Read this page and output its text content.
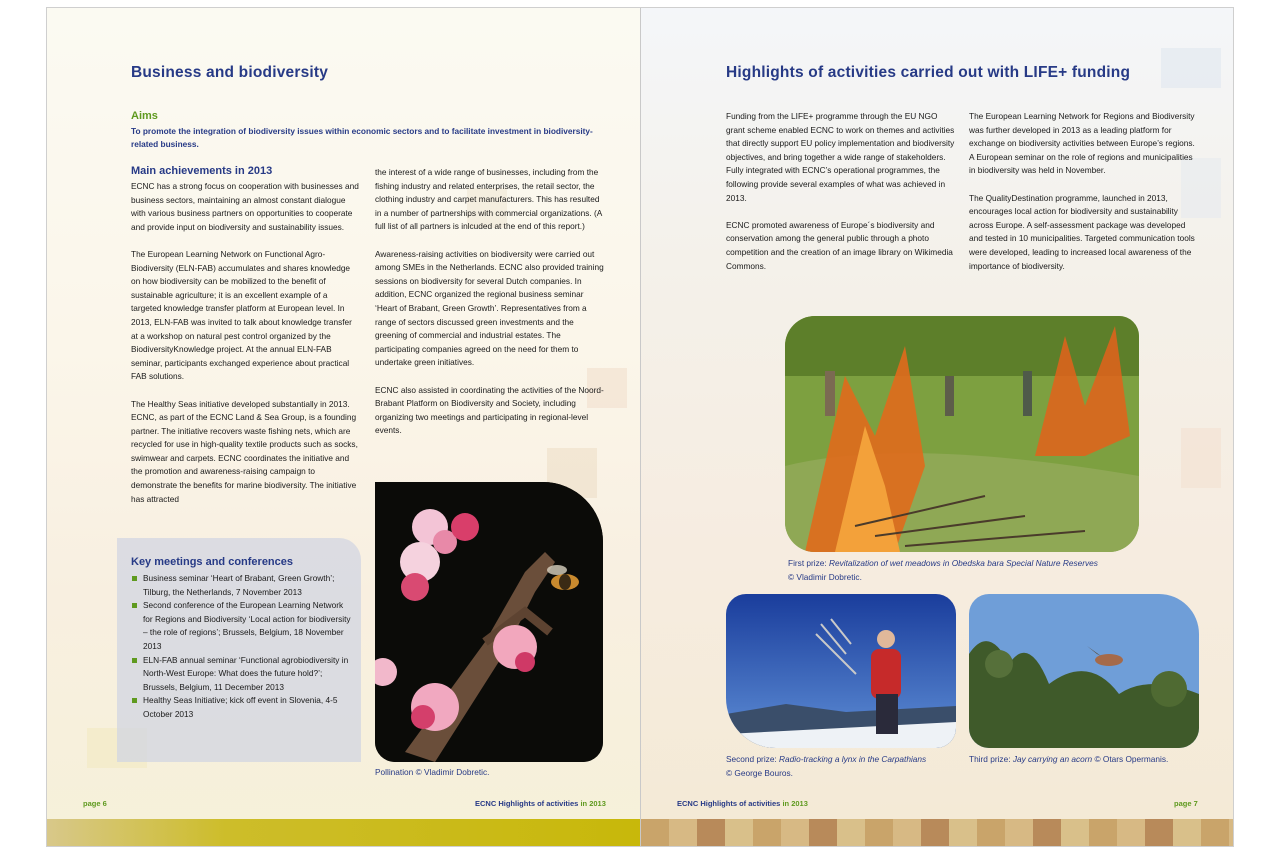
Business and biodiversity
Aims
To promote the integration of biodiversity issues within economic sectors and to facilitate investment in biodiversity-related business.
Main achievements in 2013

ECNC has a strong focus on cooperation with businesses and business sectors, maintaining an almost constant dialogue with various business partners on opportunities to cooperate and provide input on biodiversity and sustainability issues.

The European Learning Network on Functional Agro-Biodiversity (ELN-FAB) accumulates and shares knowledge on how biodiversity can be mobilized to the benefit of sustainable agriculture; it is an excellent example of a targeted knowledge transfer platform at European level. In 2013, ELN-FAB was invited to talk about knowledge transfer at a workshop on natural pest control organized by the BiodiversityKnowledge project. At the annual ELN-FAB seminar, participants exchanged experience about practical FAB solutions.

The Healthy Seas initiative developed substantially in 2013. ECNC, as part of the ECNC Land & Sea Group, is a founding partner. The initiative recovers waste fishing nets, which are recycled for use in high-quality textile products such as socks, swimwear and carpets. ECNC coordinates the initiative and the promotion and awareness-raising campaign to demonstrate the benefits for marine biodiversity. The initiative has attracted

the interest of a wide range of businesses, including from the fishing industry and related enterprises, the retail sector, the clothing industry and carpet manufacturers. This has resulted in a number of partnerships with commercial organizations. (A full list of all partners is inlcuded at the end of this report.)

Awareness-raising activities on biodiversity were carried out among SMEs in the Netherlands. ECNC also provided training sessions on biodiversity for several Dutch companies. In addition, ECNC organized the regional business seminar ‘Heart of Brabant, Green Growth’. Representatives from a range of sectors discussed green investments and the greening of commercial and industrial estates. The participating companies agreed on the need for them to undertake green initiatives.

ECNC also assisted in coordinating the activities of the Noord-Brabant Platform on Biodiversity and Society, including organizing two meetings and participating in regional-level events.

Key meetings and conferences
Business seminar ‘Heart of Brabant, Green Growth’; Tilburg, the Netherlands, 7 November 2013
Second conference of the European Learning Network for Regions and Biodiversity ‘Local action for biodiversity – the role of regions’; Brussels, Belgium, 18 November 2013
ELN-FAB annual seminar ‘Functional agrobiodiversity in North-West Europe: What does the future hold?’; Brussels, Belgium, 11 December 2013
Healthy Seas Initiative; kick off event in Slovenia, 4-5 October 2013
Pollination © Vladimir Dobretic.
page 6	ECNC Highlights of activities in 2013
Highlights of activities carried out with LIFE+ funding

Funding from the LIFE+ programme through the EU NGO grant scheme enabled ECNC to work on themes and activities that directly support EU policy implementation and biodiversity objectives, and bring together a wide range of stakeholders. Fully integrated with ECNC’s operational programmes, the following provide several examples of what was achieved in 2013.

ECNC promoted awareness of Europe´s biodiversity and conservation among the general public through a photo competition and the creation of an image library on Wikimedia Commons.

The European Learning Network for Regions and Biodiversity was further developed in 2013 as a leading platform for exchange on biodiversity activities between Europe’s regions. A European seminar on the role of regions and municipalities in biodiversity was held in November.

The QualityDestination programme, launched in 2013, encourages local action for biodiversity and sustainability across Europe. A self-assessment package was developed and tested in 10 municipalities. Targeted communication tools were developed, leading to increased local awareness of the importance of biodiversity.

First prize: Revitalization of wet meadows in Obedska bara Special Nature Reserves
© Vladimir Dobretic.
Second prize: Radio-tracking a lynx in the Carpathians
© George Bouros.
Third prize: Jay carrying an acorn © Otars Opermanis.
ECNC Highlights of activities in 2013	page 7
